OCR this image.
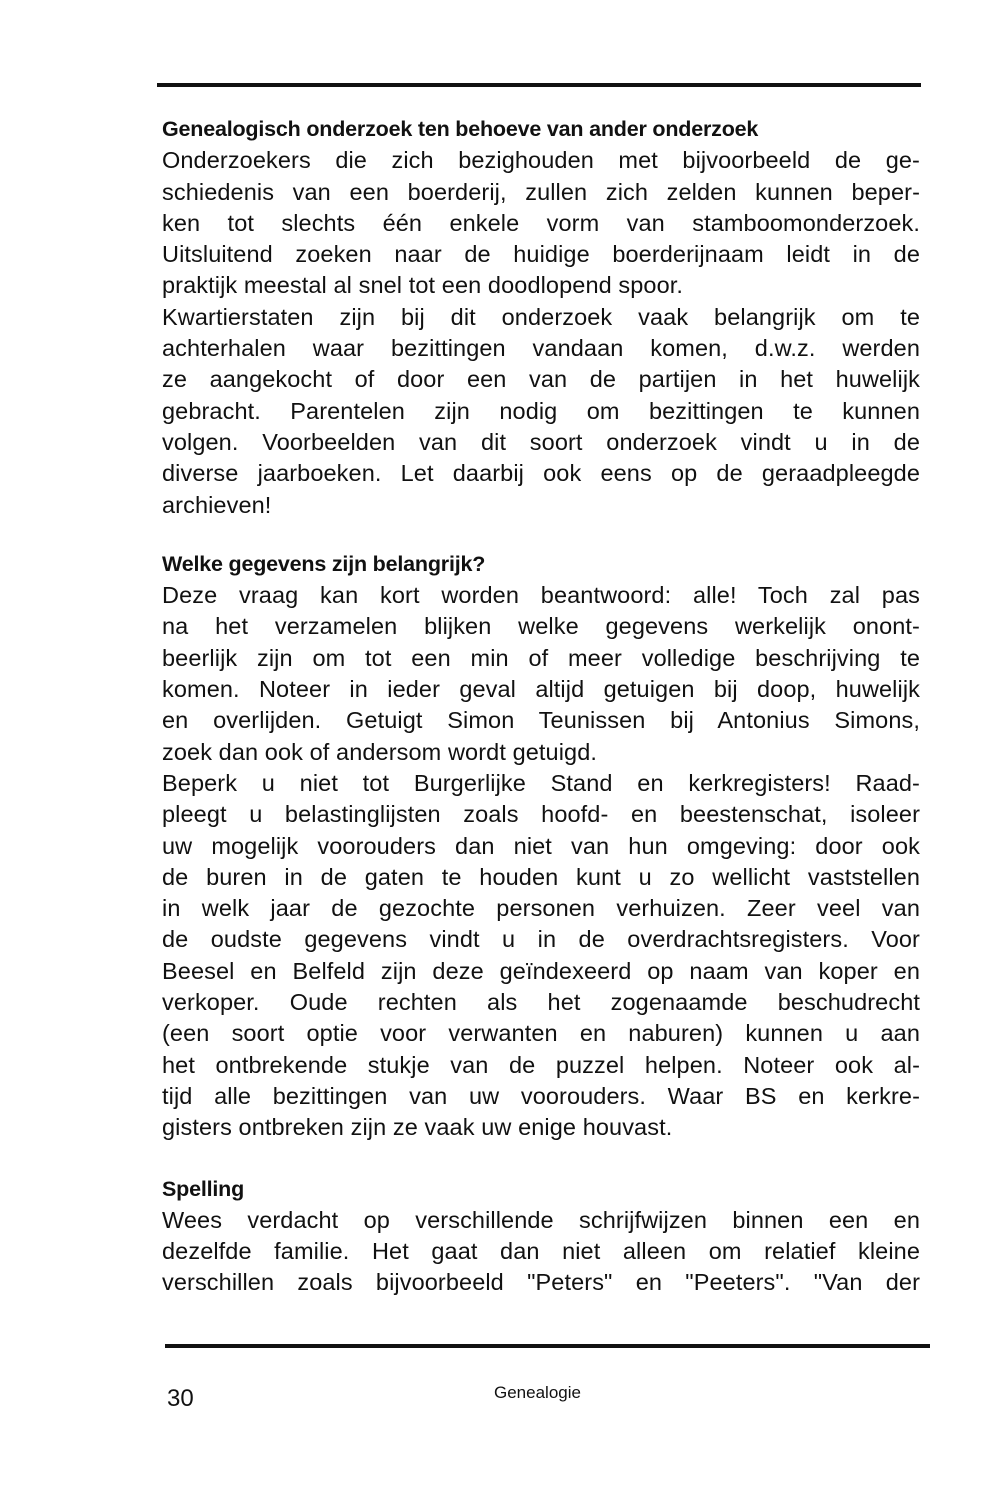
Genealogisch onderzoek ten behoeve van ander onderzoek
Onderzoekers die zich bezighouden met bijvoorbeeld de ge-
schiedenis van een boerderij, zullen zich zelden kunnen beper-
ken tot slechts één enkele vorm van stamboomonderzoek.
Uitsluitend zoeken naar de huidige boerderijnaam leidt in de
praktijk meestal al snel tot een doodlopend spoor.
Kwartierstaten zijn bij dit onderzoek vaak belangrijk om te
achterhalen waar bezittingen vandaan komen, d.w.z. werden
ze aangekocht of door een van de partijen in het huwelijk
gebracht. Parentelen zijn nodig om bezittingen te kunnen
volgen. Voorbeelden van dit soort onderzoek vindt u in de
diverse jaarboeken. Let daarbij ook eens op de geraadpleegde
archieven!
Welke gegevens zijn belangrijk?
Deze vraag kan kort worden beantwoord: alle! Toch zal pas
na het verzamelen blijken welke gegevens werkelijk onont-
beerlijk zijn om tot een min of meer volledige beschrijving te
komen. Noteer in ieder geval altijd getuigen bij doop, huwelijk
en overlijden. Getuigt Simon Teunissen bij Antonius Simons,
zoek dan ook of andersom wordt getuigd.
Beperk u niet tot Burgerlijke Stand en kerkregisters! Raad-
pleegt u belastinglijsten zoals hoofd- en beestenschat, isoleer
uw mogelijk voorouders dan niet van hun omgeving: door ook
de buren in de gaten te houden kunt u zo wellicht vaststellen
in welk jaar de gezochte personen verhuizen. Zeer veel van
de oudste gegevens vindt u in de overdrachtsregisters. Voor
Beesel en Belfeld zijn deze geïndexeerd op naam van koper en
verkoper. Oude rechten als het zogenaamde beschudrecht
(een soort optie voor verwanten en naburen) kunnen u aan
het ontbrekende stukje van de puzzel helpen. Noteer ook al-
tijd alle bezittingen van uw voorouders. Waar BS en kerkre-
gisters ontbreken zijn ze vaak uw enige houvast.
Spelling
Wees verdacht op verschillende schrijfwijzen binnen een en
dezelfde familie. Het gaat dan niet alleen om relatief kleine
verschillen zoals bijvoorbeeld "Peters" en "Peeters". "Van der
30	Genealogie
